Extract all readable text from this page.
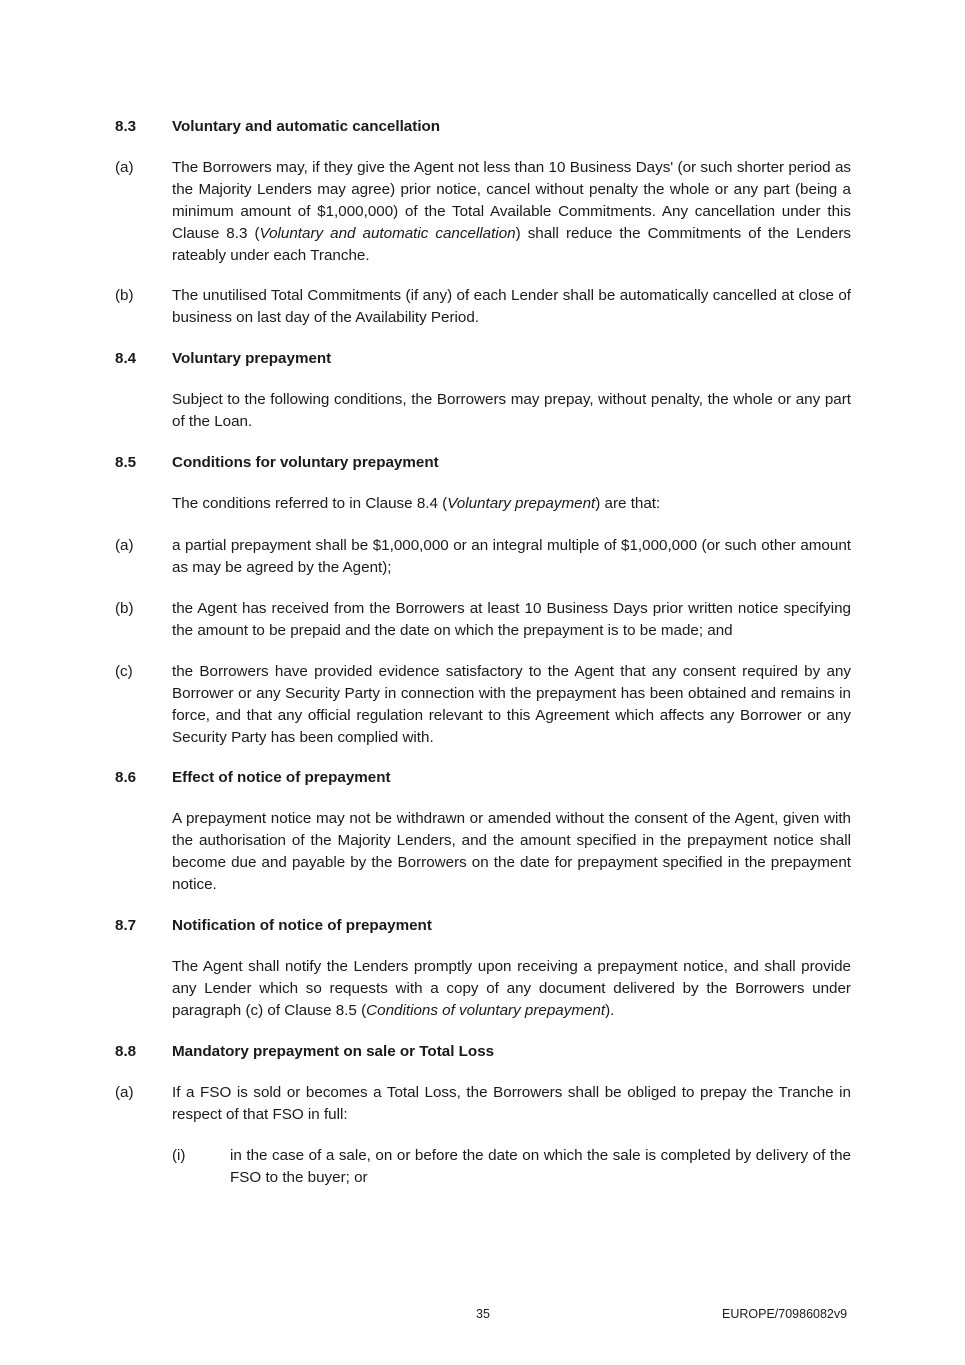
8.3 Voluntary and automatic cancellation
(a)	The Borrowers may, if they give the Agent not less than 10 Business Days' (or such shorter period as the Majority Lenders may agree) prior notice, cancel without penalty the whole or any part (being a minimum amount of $1,000,000) of the Total Available Commitments. Any cancellation under this Clause 8.3 (Voluntary and automatic cancellation) shall reduce the Commitments of the Lenders rateably under each Tranche.
(b)	The unutilised Total Commitments (if any) of each Lender shall be automatically cancelled at close of business on last day of the Availability Period.
8.4 Voluntary prepayment
Subject to the following conditions, the Borrowers may prepay, without penalty, the whole or any part of the Loan.
8.5 Conditions for voluntary prepayment
The conditions referred to in Clause 8.4 (Voluntary prepayment) are that:
(a)	a partial prepayment shall be $1,000,000 or an integral multiple of $1,000,000 (or such other amount as may be agreed by the Agent);
(b)	the Agent has received from the Borrowers at least 10 Business Days prior written notice specifying the amount to be prepaid and the date on which the prepayment is to be made; and
(c)	the Borrowers have provided evidence satisfactory to the Agent that any consent required by any Borrower or any Security Party in connection with the prepayment has been obtained and remains in force, and that any official regulation relevant to this Agreement which affects any Borrower or any Security Party has been complied with.
8.6 Effect of notice of prepayment
A prepayment notice may not be withdrawn or amended without the consent of the Agent, given with the authorisation of the Majority Lenders, and the amount specified in the prepayment notice shall become due and payable by the Borrowers on the date for prepayment specified in the prepayment notice.
8.7 Notification of notice of prepayment
The Agent shall notify the Lenders promptly upon receiving a prepayment notice, and shall provide any Lender which so requests with a copy of any document delivered by the Borrowers under paragraph (c) of Clause 8.5 (Conditions of voluntary prepayment).
8.8 Mandatory prepayment on sale or Total Loss
(a)	If a FSO is sold or becomes a Total Loss, the Borrowers shall be obliged to prepay the Tranche in respect of that FSO in full:
(i)	in the case of a sale, on or before the date on which the sale is completed by delivery of the FSO to the buyer; or
35	EUROPE/70986082v9
